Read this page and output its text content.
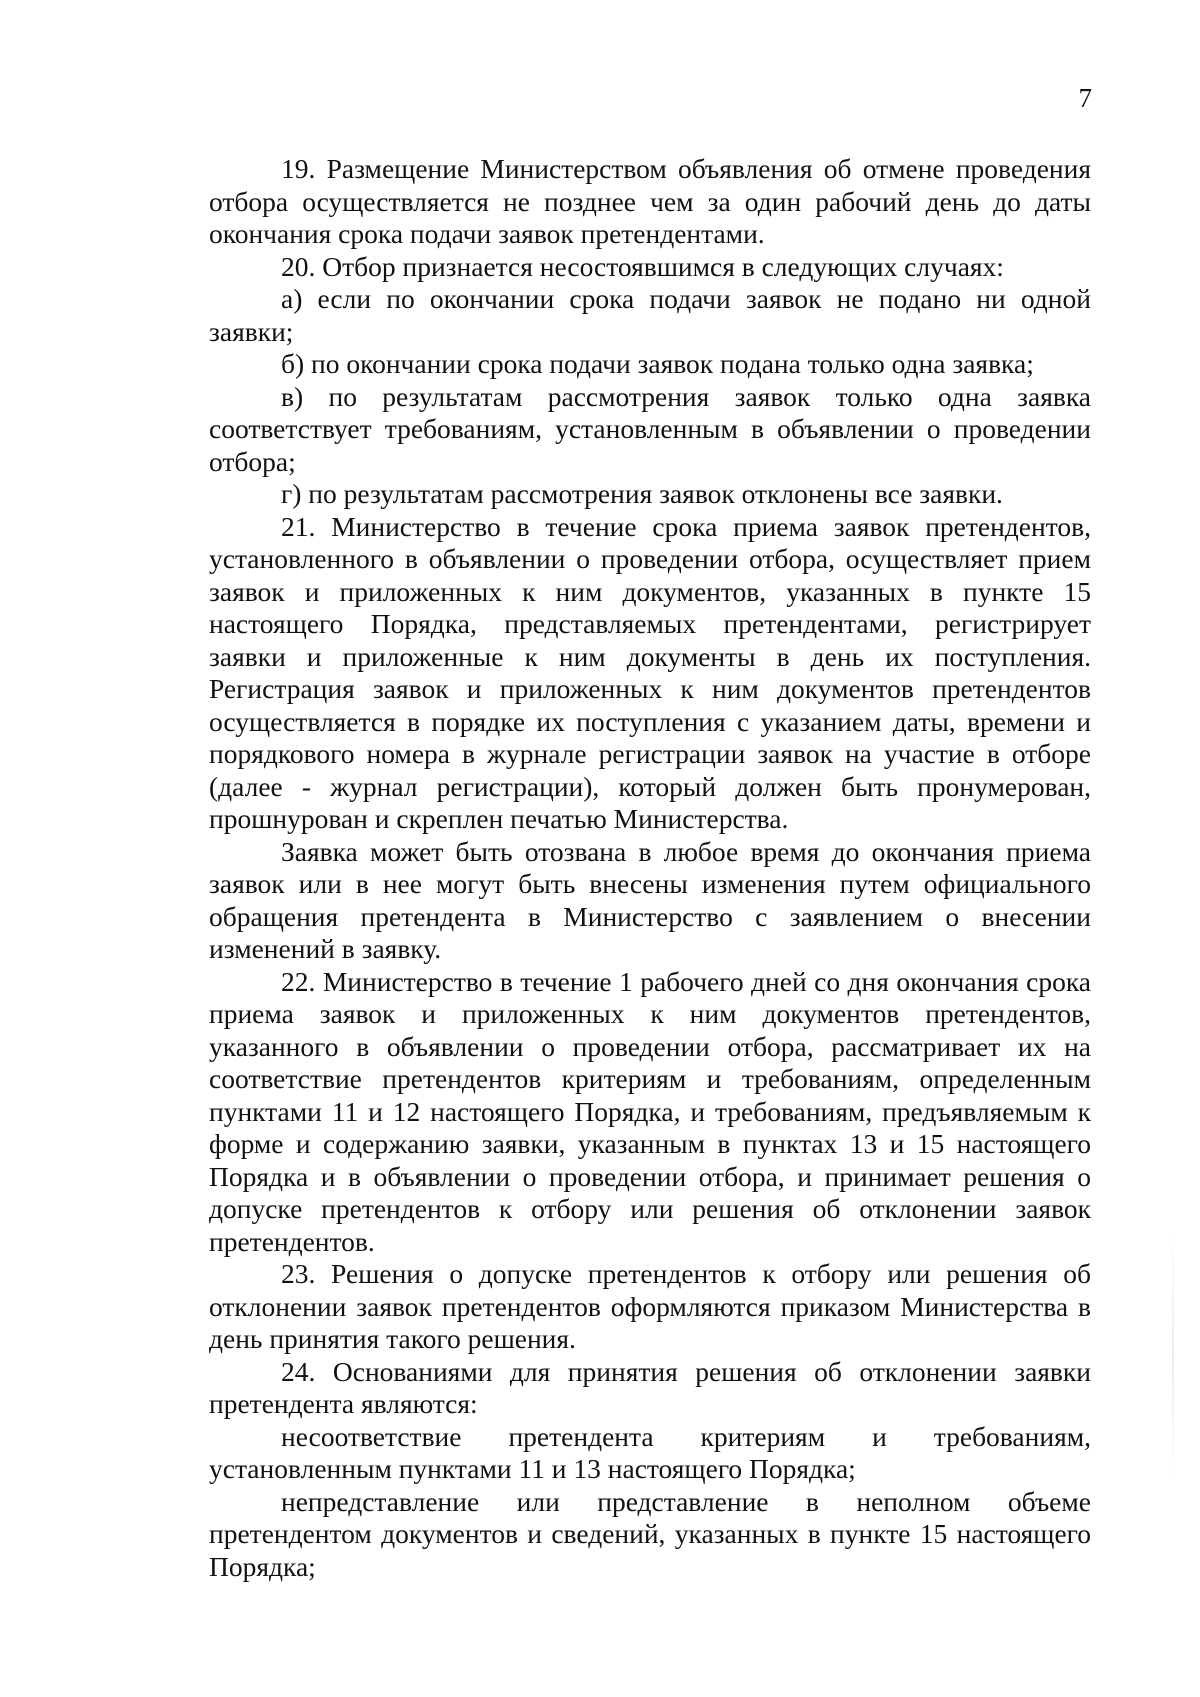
7

19. Размещение Министерством объявления об отмене проведения отбора осуществляется не позднее чем за один рабочий день до даты окончания срока подачи заявок претендентами.

20. Отбор признается несостоявшимся в следующих случаях:

а) если по окончании срока подачи заявок не подано ни одной заявки;

б) по окончании срока подачи заявок подана только одна заявка;

в) по результатам рассмотрения заявок только одна заявка соответствует требованиям, установленным в объявлении о проведении отбора;

г) по результатам рассмотрения заявок отклонены все заявки.

21. Министерство в течение срока приема заявок претендентов, установленного в объявлении о проведении отбора, осуществляет прием заявок и приложенных к ним документов, указанных в пункте 15 настоящего Порядка, представляемых претендентами, регистрирует заявки и приложенные к ним документы в день их поступления. Регистрация заявок и приложенных к ним документов претендентов осуществляется в порядке их поступления с указанием даты, времени и порядкового номера в журнале регистрации заявок на участие в отборе (далее - журнал регистрации), который должен быть пронумерован, прошнурован и скреплен печатью Министерства.

Заявка может быть отозвана в любое время до окончания приема заявок или в нее могут быть внесены изменения путем официального обращения претендента в Министерство с заявлением о внесении изменений в заявку.

22. Министерство в течение 1 рабочего дней со дня окончания срока приема заявок и приложенных к ним документов претендентов, указанного в объявлении о проведении отбора, рассматривает их на соответствие претендентов критериям и требованиям, определенным пунктами 11 и 12 настоящего Порядка, и требованиям, предъявляемым к форме и содержанию заявки, указанным в пунктах 13 и 15 настоящего Порядка и в объявлении о проведении отбора, и принимает решения о допуске претендентов к отбору или решения об отклонении заявок претендентов.

23. Решения о допуске претендентов к отбору или решения об отклонении заявок претендентов оформляются приказом Министерства в день принятия такого решения.

24. Основаниями для принятия решения об отклонении заявки претендента являются:

несоответствие претендента критериям и требованиям, установленным пунктами 11 и 13 настоящего Порядка;

непредставление или представление в неполном объеме претендентом документов и сведений, указанных в пункте 15 настоящего Порядка;
